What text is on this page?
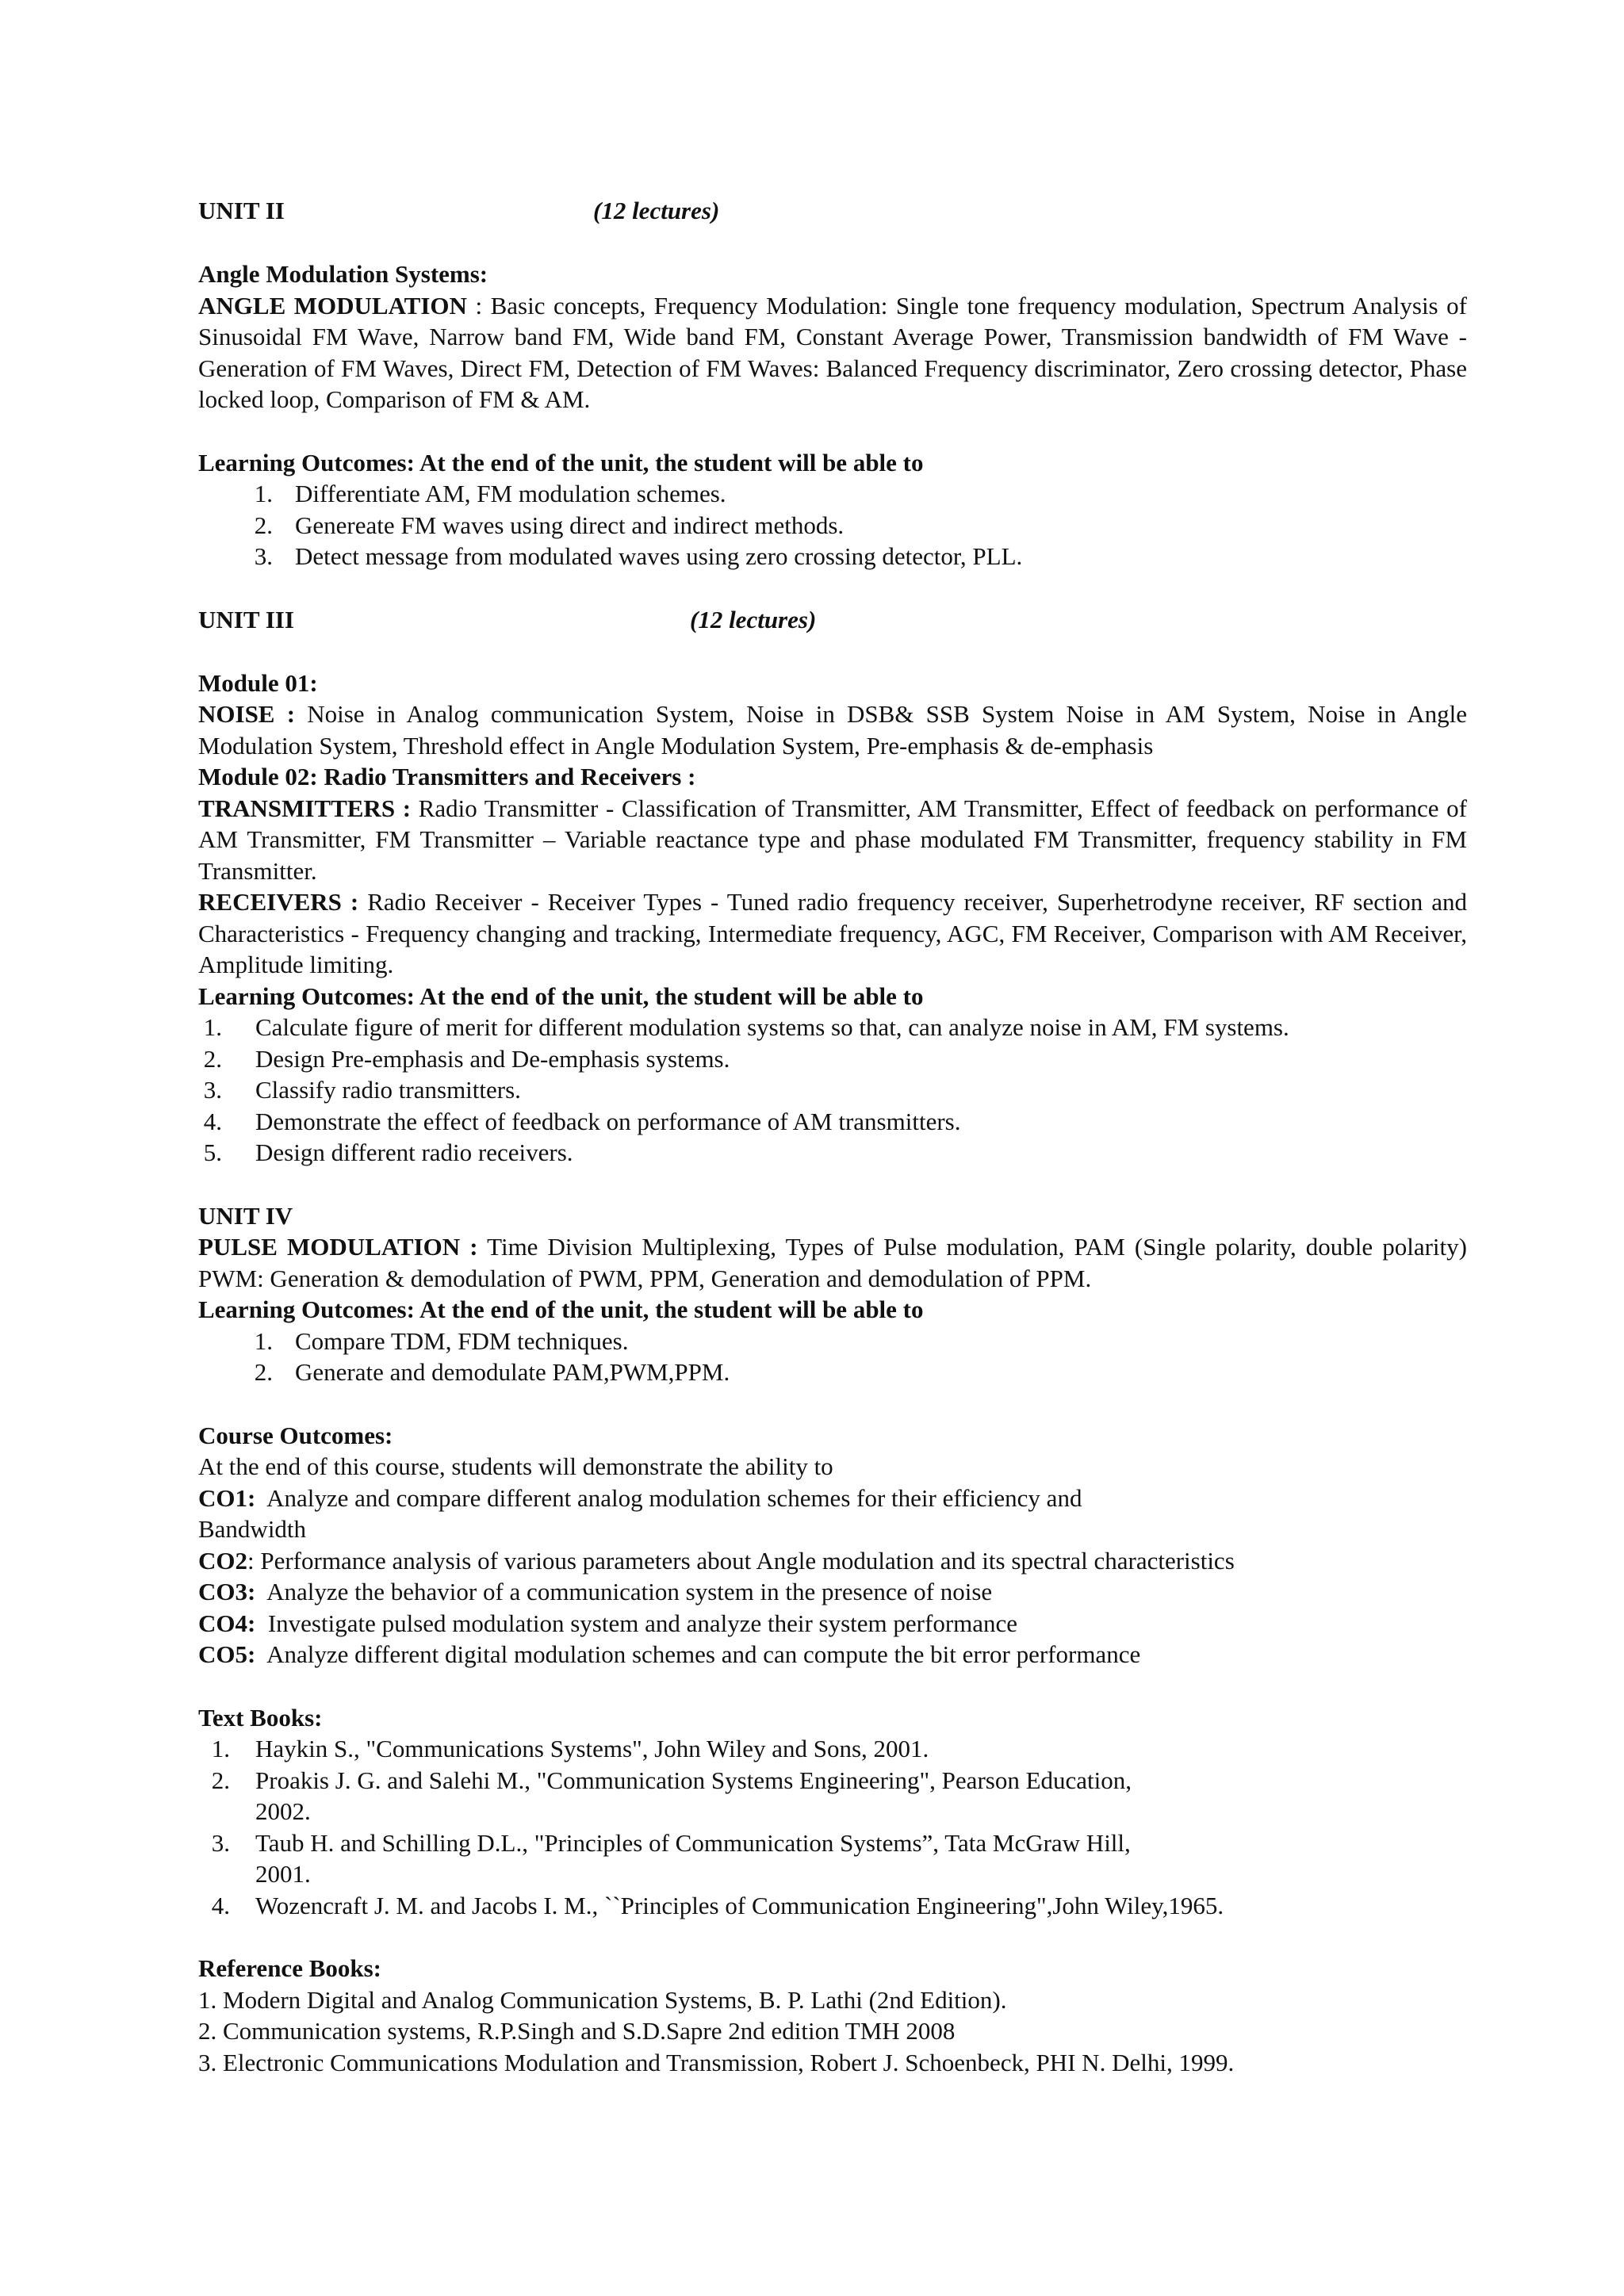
UNIT II	(12 lectures)

Angle Modulation Systems:

ANGLE MODULATION : Basic concepts, Frequency Modulation: Single tone frequency modulation, Spectrum Analysis of Sinusoidal FM Wave, Narrow band FM, Wide band FM, Constant Average Power, Transmission bandwidth of FM Wave - Generation of FM Waves, Direct FM, Detection of FM Waves: Balanced Frequency discriminator, Zero crossing detector, Phase locked loop, Comparison of FM & AM.

Learning Outcomes: At the end of the unit, the student will be able to

1. Differentiate AM, FM modulation schemes.
2. Genereate FM waves using direct and indirect methods.
3. Detect message from modulated waves using zero crossing detector, PLL.
UNIT III	(12 lectures)

Module 01:

NOISE : Noise in Analog communication System, Noise in DSB& SSB System Noise in AM System, Noise in Angle Modulation System, Threshold effect in Angle Modulation System, Pre-emphasis & de-emphasis

Module 02: Radio Transmitters and Receivers :

TRANSMITTERS : Radio Transmitter - Classification of Transmitter, AM Transmitter, Effect of feedback on performance of AM Transmitter, FM Transmitter – Variable reactance type and phase modulated FM Transmitter, frequency stability in FM Transmitter.

RECEIVERS : Radio Receiver - Receiver Types - Tuned radio frequency receiver, Superhetrodyne receiver, RF section and Characteristics - Frequency changing and tracking, Intermediate frequency, AGC, FM Receiver, Comparison with AM Receiver, Amplitude limiting.

Learning Outcomes: At the end of the unit, the student will be able to

1. Calculate figure of merit for different modulation systems so that, can analyze noise in AM, FM systems.
2. Design Pre-emphasis and De-emphasis systems.
3. Classify radio transmitters.
4. Demonstrate the effect of feedback on performance of AM transmitters.
5. Design different radio receivers.

UNIT IV

PULSE MODULATION : Time Division Multiplexing, Types of Pulse modulation, PAM (Single polarity, double polarity) PWM: Generation & demodulation of PWM, PPM, Generation and demodulation of PPM.

Learning Outcomes: At the end of the unit, the student will be able to

1. Compare TDM, FDM techniques.
2. Generate and demodulate PAM,PWM,PPM.

Course Outcomes:

At the end of this course, students will demonstrate the ability to

CO1:  Analyze and compare different analog modulation schemes for their efficiency and

Bandwidth

CO2: Performance analysis of various parameters about Angle modulation and its spectral characteristics

CO3:  Analyze the behavior of a communication system in the presence of noise

CO4:  Investigate pulsed modulation system and analyze their system performance

CO5:  Analyze different digital modulation schemes and can compute the bit error performance

Text Books:

1. Haykin S., "Communications Systems", John Wiley and Sons, 2001.
2. Proakis J. G. and Salehi M., "Communication Systems Engineering", Pearson Education,
2002.
3. Taub H. and Schilling D.L., "Principles of Communication Systems”, Tata McGraw Hill,
2001.
4. Wozencraft J. M. and Jacobs I. M., ``Principles of Communication Engineering",John Wiley,1965.

Reference Books:

1. Modern Digital and Analog Communication Systems, B. P. Lathi (2nd Edition).

2. Communication systems, R.P.Singh and S.D.Sapre 2nd edition TMH 2008

3. Electronic Communications Modulation and Transmission, Robert J. Schoenbeck, PHI N. Delhi, 1999.
